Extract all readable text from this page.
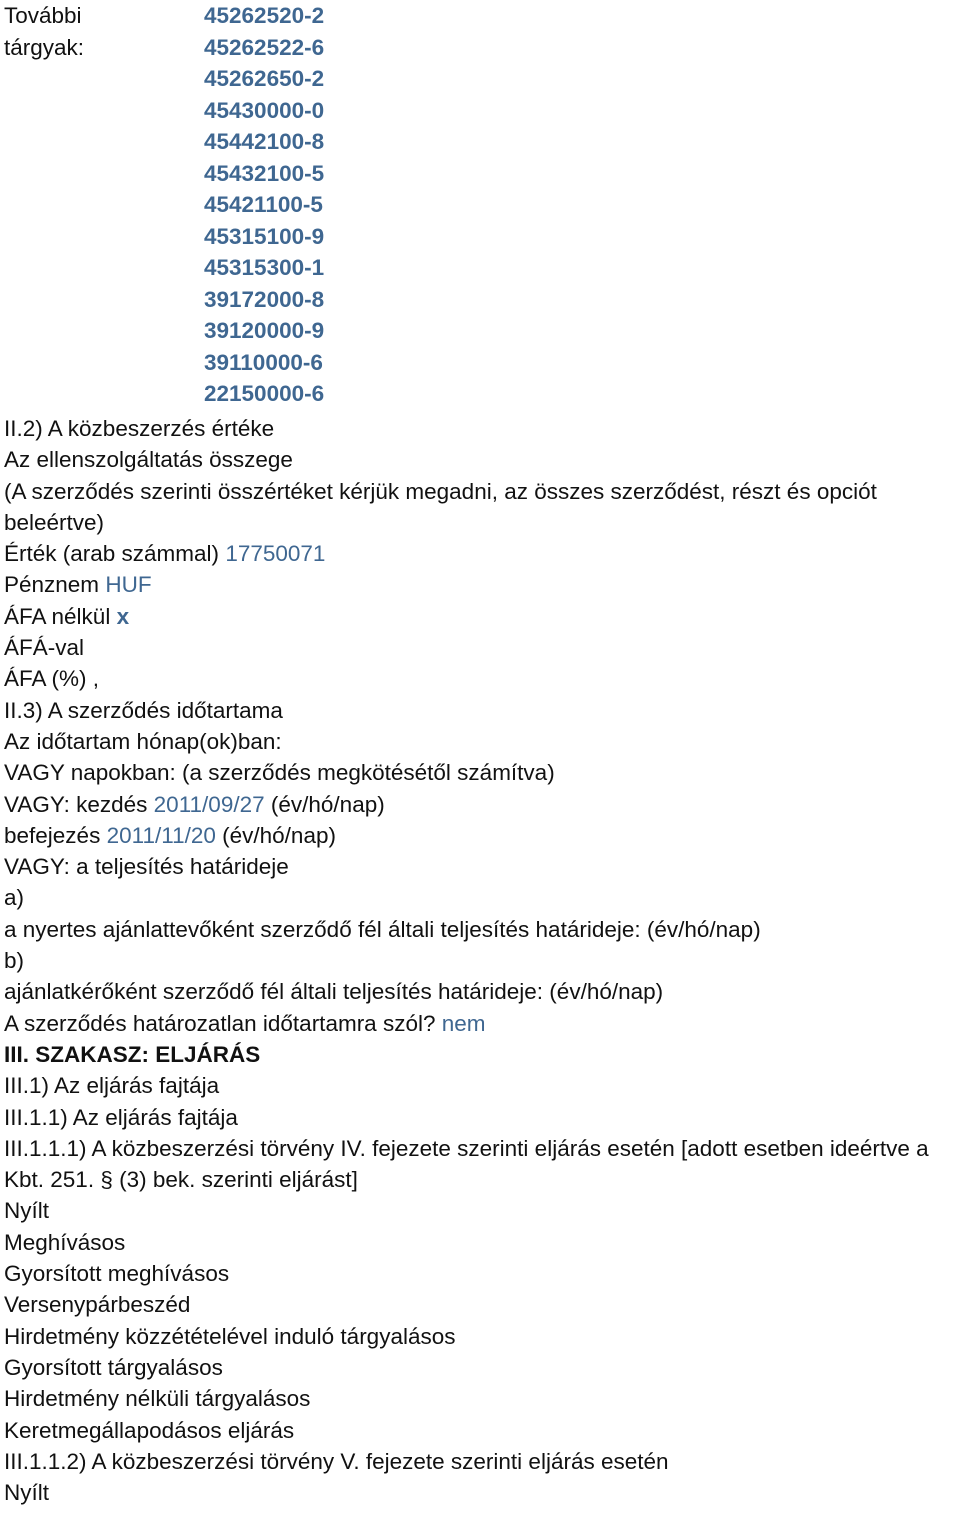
További	45262520-2
tárgyak:	45262522-6
45262650-2
45430000-0
45442100-8
45432100-5
45421100-5
45315100-9
45315300-1
39172000-8
39120000-9
39110000-6
22150000-6
II.2) A közbeszerzés értéke
Az ellenszolgáltatás összege
(A szerződés szerinti összértéket kérjük megadni, az összes szerződést, részt és opciót beleértve)
Érték (arab számmal) 17750071
Pénznem HUF
ÁFA nélkül x
ÁFÁ-val
ÁFA (%) ,
II.3) A szerződés időtartama
Az időtartam hónap(ok)ban:
VAGY napokban: (a szerződés megkötésétől számítva)
VAGY: kezdés 2011/09/27 (év/hó/nap)
befejezés 2011/11/20 (év/hó/nap)
VAGY: a teljesítés határideje
a)
a nyertes ajánlattevőként szerződő fél általi teljesítés határideje: (év/hó/nap)
b)
ajánlatkérőként szerződő fél általi teljesítés határideje: (év/hó/nap)
A szerződés határozatlan időtartamra szól? nem
III. SZAKASZ: ELJÁRÁS
III.1) Az eljárás fajtája
III.1.1) Az eljárás fajtája
III.1.1.1) A közbeszerzési törvény IV. fejezete szerinti eljárás esetén [adott esetben ideértve a Kbt. 251. § (3) bek. szerinti eljárást]
Nyílt
Meghívásos
Gyorsított meghívásos
Versenypárbeszéd
Hirdetmény közzétételével induló tárgyalásos
Gyorsított tárgyalásos
Hirdetmény nélküli tárgyalásos
Keretmegállapodásos eljárás
III.1.1.2) A közbeszerzési törvény V. fejezete szerinti eljárás esetén
Nyílt
